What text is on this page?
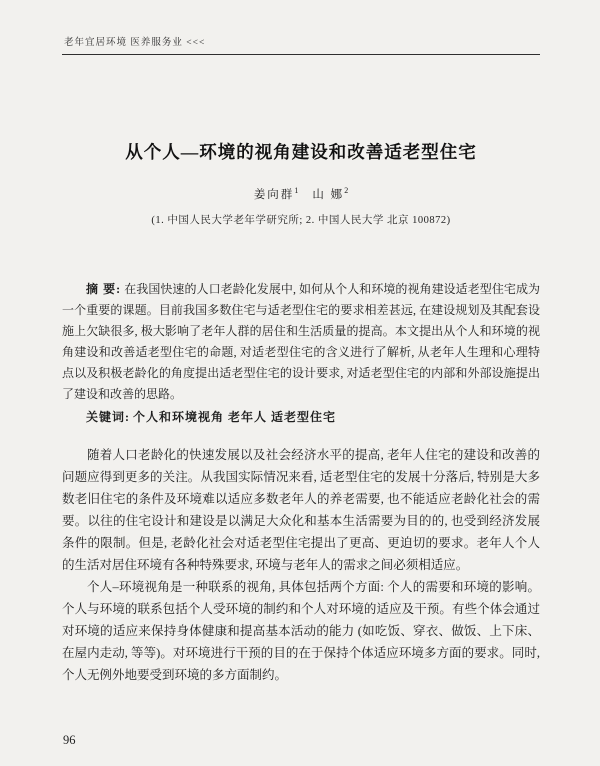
老年宜居环境 医养服务业 <<<
从个人—环境的视角建设和改善适老型住宅
姜向群$^1$ 山 娜$^2$
(1. 中国人民大学老年学研究所; 2. 中国人民大学 北京 100872)
摘 要: 在我国快速的人口老龄化发展中, 如何从个人和环境的视角建设适老型住宅成为一个重要的课题。目前我国多数住宅与适老型住宅的要求相差甚远, 在建设规划及其配套设施上欠缺很多, 极大影响了老年人群的居住和生活质量的提高。本文提出从个人和环境的视角建设和改善适老型住宅的命题, 对适老型住宅的含义进行了解析, 从老年人生理和心理特点以及积极老龄化的角度提出适老型住宅的设计要求, 对适老型住宅的内部和外部设施提出了建设和改善的思路。
关键词: 个人和环境视角 老年人 适老型住宅

随着人口老龄化的快速发展以及社会经济水平的提高, 老年人住宅的建设和改善的问题应得到更多的关注。从我国实际情况来看, 适老型住宅的发展十分落后, 特别是大多数老旧住宅的条件及环境难以适应多数老年人的养老需要, 也不能适应老龄化社会的需要。以往的住宅设计和建设是以满足大众化和基本生活需要为目的的, 也受到经济发展条件的限制。但是, 老龄化社会对适老型住宅提出了更高、更迫切的要求。老年人个人的生活对居住环境有各种特殊要求, 环境与老年人的需求之间必须相适应。

个人–环境视角是一种联系的视角, 具体包括两个方面: 个人的需要和环境的影响。个人与环境的联系包括个人受环境的制约和个人对环境的适应及干预。有些个体会通过对环境的适应来保持身体健康和提高基本活动的能力 (如吃饭、穿衣、做饭、上下床、在屋内走动, 等等)。对环境进行干预的目的在于保持个体适应环境多方面的要求。同时, 个人无例外地要受到环境的多方面制约。

96
